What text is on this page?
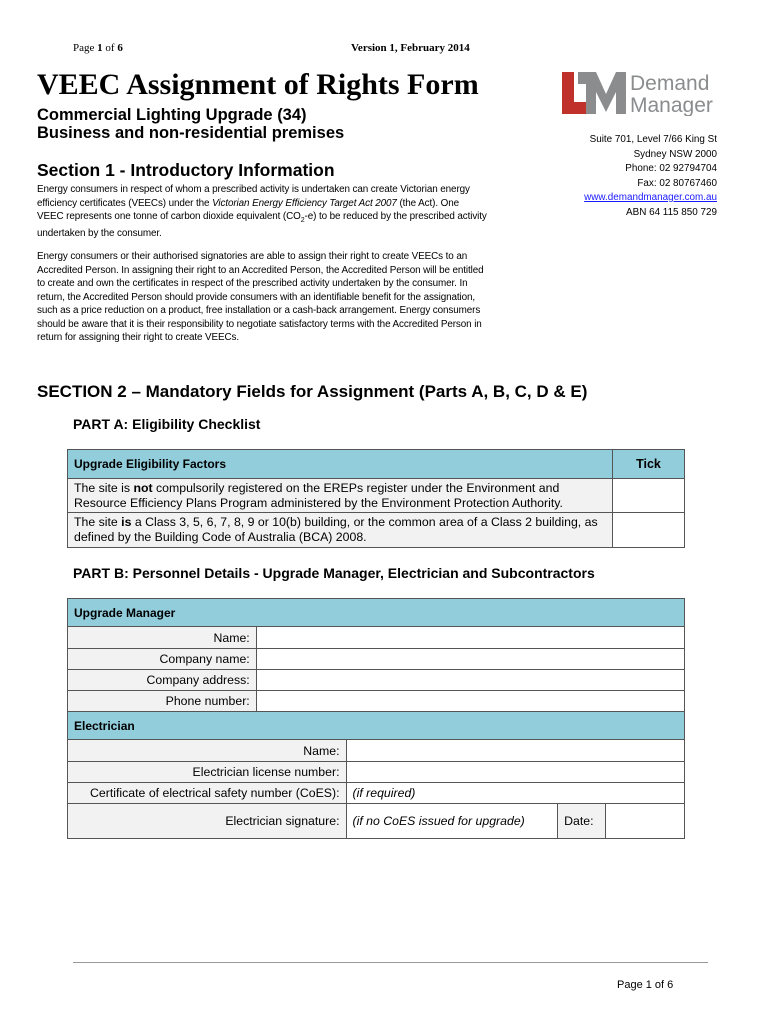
Page 1 of 6	Version 1, February 2014
VEEC Assignment of Rights Form
Commercial Lighting Upgrade (34)
Business and non-residential premises
Demand
Manager
Suite 701, Level 7/66 King St
Sydney NSW 2000
Phone: 02 92794704
Fax: 02 80767460
www.demandmanager.com.au
ABN 64 115 850 729
Section 1 - Introductory Information
Energy consumers in respect of whom a prescribed activity is undertaken can create Victorian energy efficiency certificates (VEECs) under the Victorian Energy Efficiency Target Act 2007 (the Act). One VEEC represents one tonne of carbon dioxide equivalent $(CO_2-e)$ to be reduced by the prescribed activity undertaken by the consumer.
Energy consumers or their authorised signatories are able to assign their right to create VEECs to an Accredited Person. In assigning their right to an Accredited Person, the Accredited Person will be entitled to create and own the certificates in respect of the prescribed activity undertaken by the consumer. In return, the Accredited Person should provide consumers with an identifiable benefit for the assignation, such as a price reduction on a product, free installation or a cash-back arrangement. Energy consumers should be aware that it is their responsibility to negotiate satisfactory terms with the Accredited Person in return for assigning their right to create VEECs.
SECTION 2 – Mandatory Fields for Assignment (Parts A, B, C, D & E)
PART A: Eligibility Checklist
Upgrade Eligibility Factors	Tick
The site is not compulsorily registered on the EREPs register under the Environment and Resource Efficiency Plans Program administered by the Environment Protection Authority.	
The site is a Class 3, 5, 6, 7, 8, 9 or 10(b) building, or the common area of a Class 2 building, as defined by the Building Code of Australia (BCA) 2008.	
PART B: Personnel Details - Upgrade Manager, Electrician and Subcontractors
Upgrade Manager				
Name:				
Company name:				
Company address:				
Phone number:				
Electrician				
Name:				
Electrician license number:				
Certificate of electrical safety number (CoES):		(if required)		
Electrician signature:		(if no CoES issued for upgrade)	Date:	
Page 1 of 6
